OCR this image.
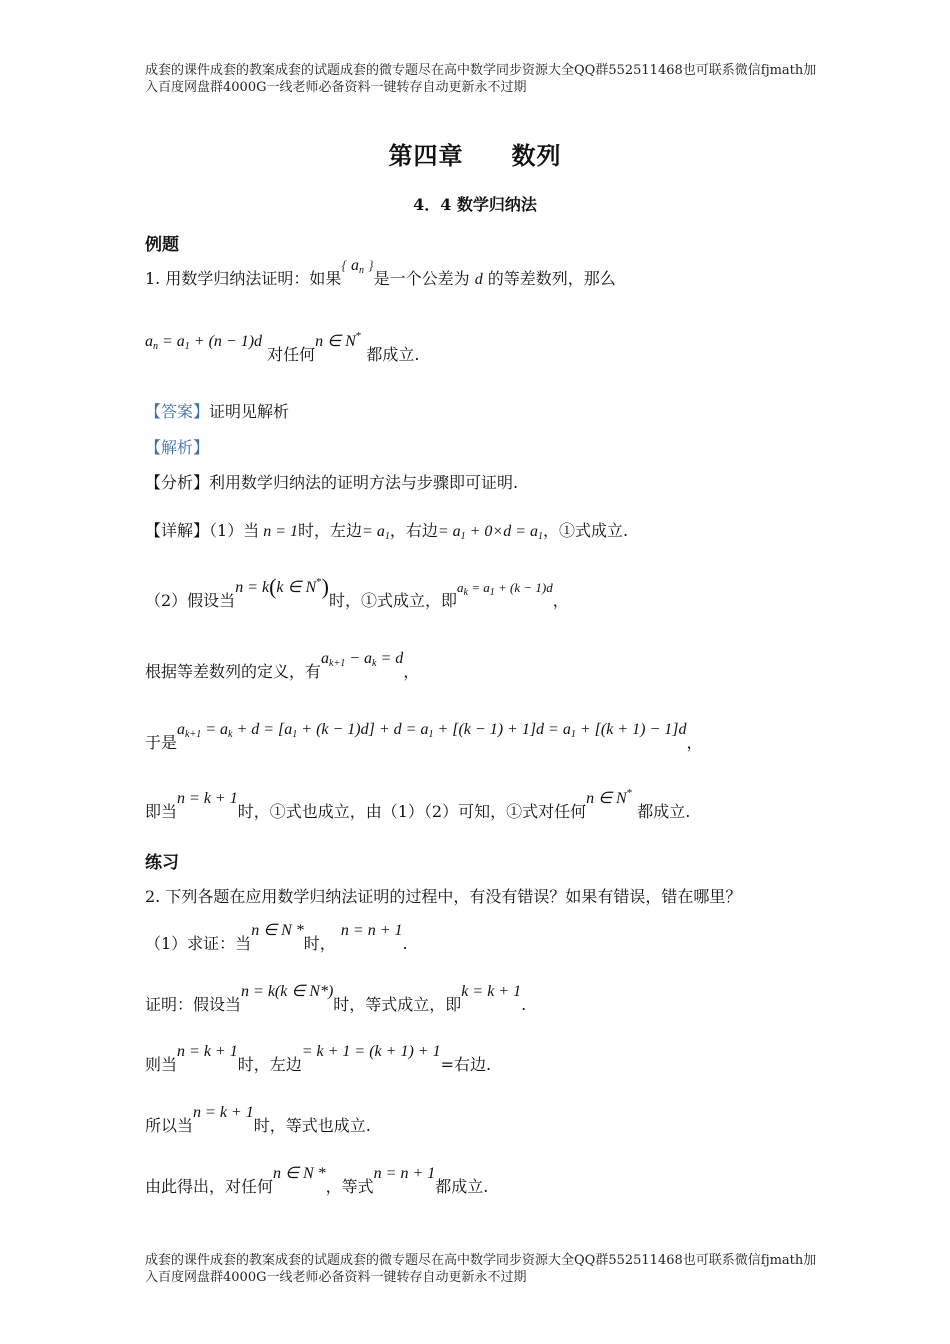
成套的课件成套的教案成套的试题成套的微专题尽在高中数学同步资源大全QQ群552511468也可联系微信fjmath加入百度网盘群4000G一线老师必备资料一键转存自动更新永不过期
第四章 数列
4．4 数学归纳法
例题
1. 用数学归纳法证明：如果{ $a_n$ }是一个公差为 d 的等差数列，那么
$a_n = a_1 + (n - 1)d$ 对任何n ∈ N* 都成立.
【答案】证明见解析
【解析】
【分析】利用数学归纳法的证明方法与步骤即可证明.
【详解】（1）当 n = 1时，左边= $a_1$，右边= $a_1 + 0\times d = a_1$，①式成立.
（2）假设当n = k(k ∈ N*)时，①式成立，即$^{a_k = a_1 + (k - 1)d}$，
根据等差数列的定义，有$a_{k+1} - a_k = d$，
于是$a_{k+1} = a_k + d = [a_1 + (k - 1)d] + d = a_1 + [(k - 1) + 1]d = a_1 + [(k + 1) - 1]d$，
即当n = k + 1时，①式也成立，由（1）（2）可知，①式对任何n ∈ N* 都成立.
练习
2. 下列各题在应用数学归纳法证明的过程中，有没有错误？如果有错误，错在哪里？
（1）求证：当n ∈ N *时， n = n + 1.
证明：假设当n = k(k ∈ N*)时，等式成立，即k = k + 1.
则当n = k + 1时，左边= k + 1 = (k + 1) + 1=右边.
所以当n = k + 1时，等式也成立.
由此得出，对任何n ∈ N *，等式n = n + 1都成立.
成套的课件成套的教案成套的试题成套的微专题尽在高中数学同步资源大全QQ群552511468也可联系微信fjmath加入百度网盘群4000G一线老师必备资料一键转存自动更新永不过期
